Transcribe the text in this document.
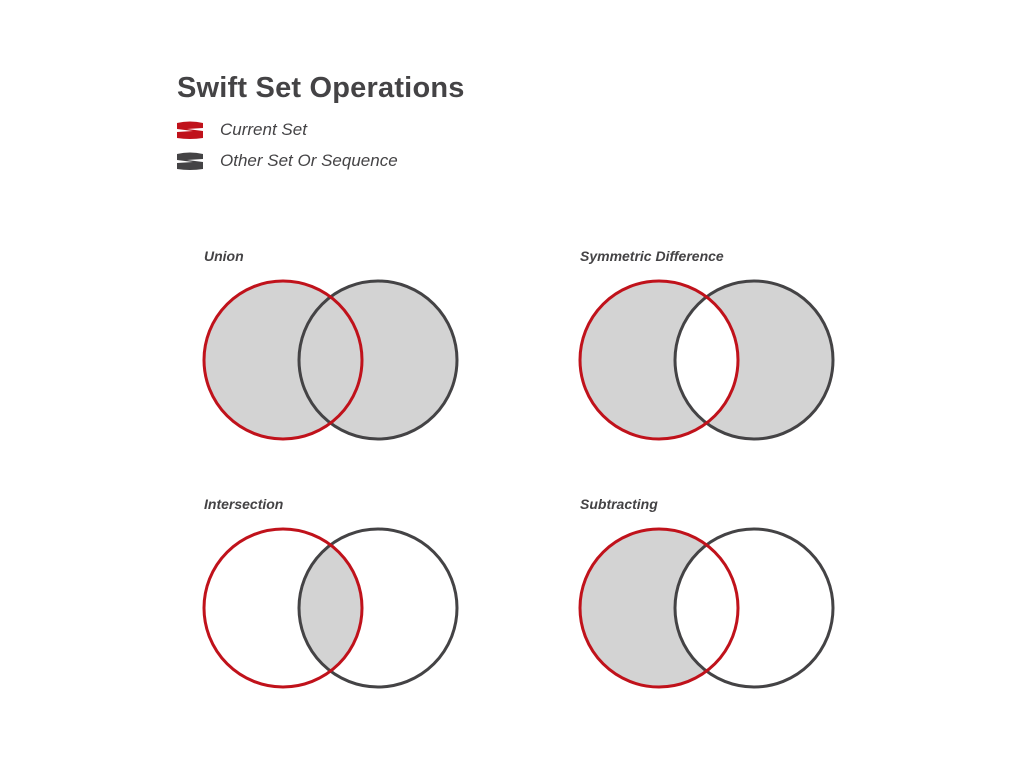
Swift Set Operations
Current Set
Other Set Or Sequence
Union	Symmetric Difference
Intersection	Subtracting
